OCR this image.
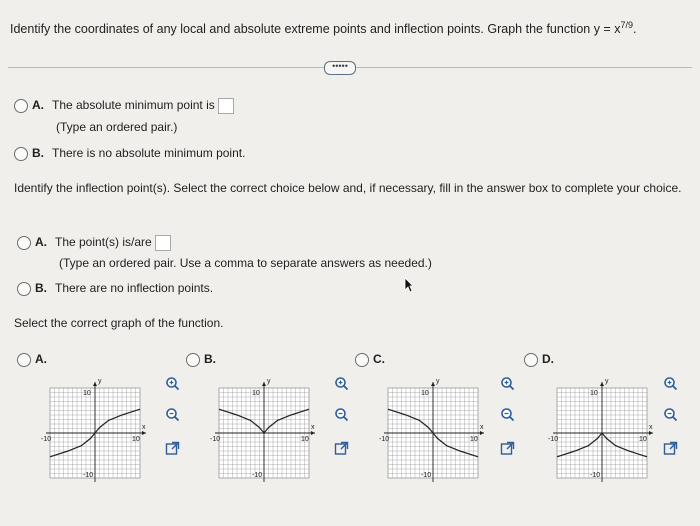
Identify the coordinates of any local and absolute extreme points and inflection points. Graph the function $y = x^{7/9}$.
•••••
A. The absolute minimum point is
(Type an ordered pair.)
B. There is no absolute minimum point.
Identify the inflection point(s). Select the correct choice below and, if necessary, fill in the answer box to complete your choice.
A. The point(s) is/are
(Type an ordered pair. Use a comma to separate answers as needed.)
B. There are no inflection points.
Select the correct graph of the function.
A.	B.	C.	D.
y
x
10
-10
-10	10
y
x
10
-10
-10	10
y
x
10
-10
-10	10
y
x
10
-10
-10	10
